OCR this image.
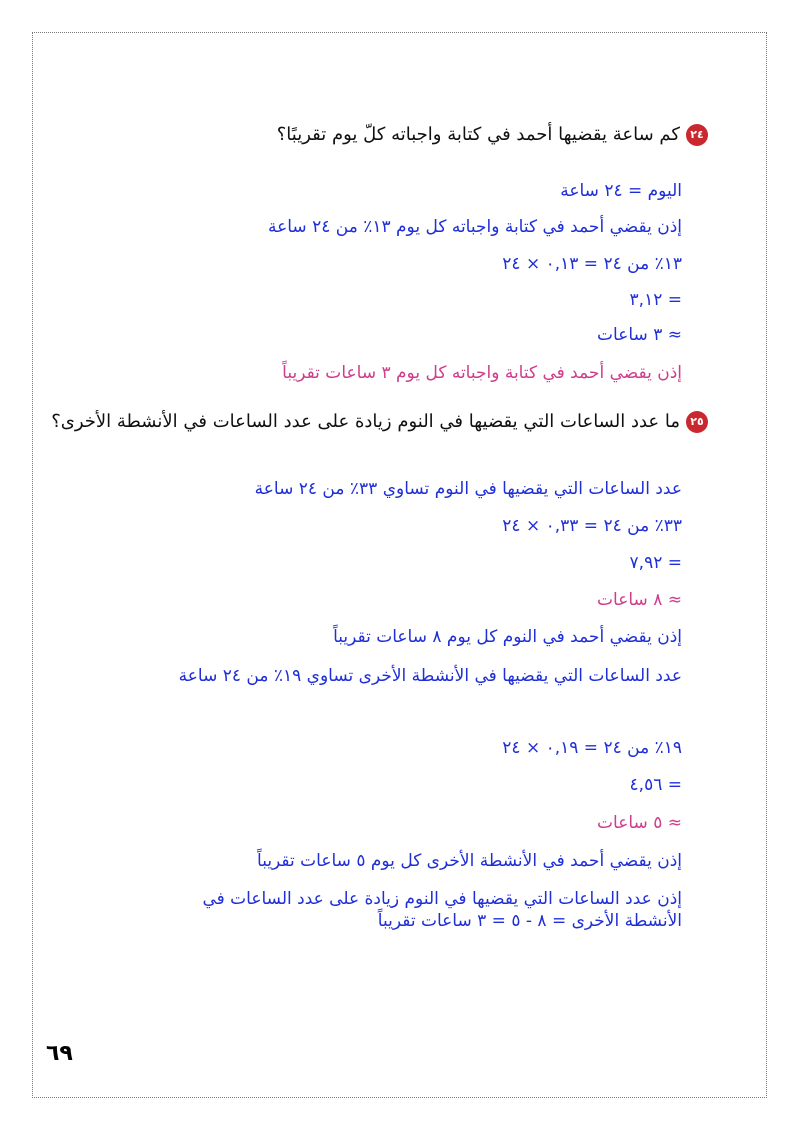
٢٤كم ساعة يقضيها أحمد في كتابة واجباته كلّ يوم تقريبًا؟
اليوم = ٢٤ ساعة
إذن يقضي أحمد في كتابة واجباته كل يوم ١٣٪ من ٢٤ ساعة
١٣٪ من ٢٤ = ٠,١٣ × ٢٤
= ٣,١٢
≈ ٣ ساعات
إذن يقضي أحمد في كتابة واجباته كل يوم ٣ ساعات تقريباً
٢٥ما عدد الساعات التي يقضيها في النوم زيادة على عدد الساعات في الأنشطة الأخرى؟
عدد الساعات التي يقضيها في النوم تساوي ٣٣٪ من ٢٤ ساعة
٣٣٪ من ٢٤ = ٠,٣٣ × ٢٤
= ٧,٩٢
≈ ٨ ساعات
إذن يقضي أحمد في النوم كل يوم ٨ ساعات تقريباً
عدد الساعات التي يقضيها في الأنشطة الأخرى تساوي ١٩٪ من ٢٤ ساعة
١٩٪ من ٢٤ = ٠,١٩ × ٢٤
= ٤,٥٦
≈ ٥ ساعات
إذن يقضي أحمد في الأنشطة الأخرى كل يوم ٥ ساعات تقريباً
إذن عدد الساعات التي يقضيها في النوم زيادة على عدد الساعات في الأنشطة الأخرى = ٨ - ٥ = ٣ ساعات تقريباً
٦٩
